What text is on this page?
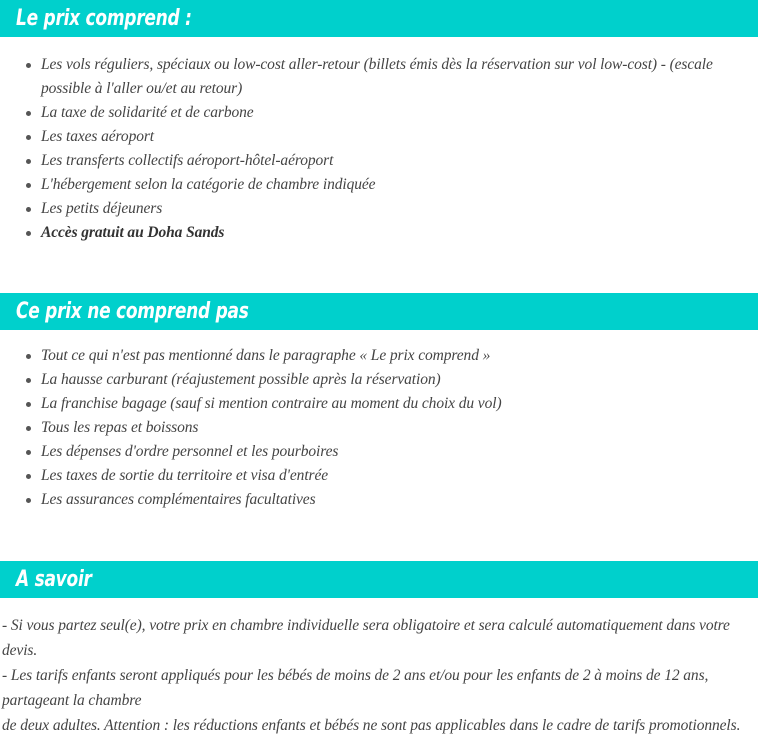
Le prix comprend :
Les vols réguliers, spéciaux ou low-cost aller-retour (billets émis dès la réservation sur vol low-cost) - (escale possible à l'aller ou/et au retour)
La taxe de solidarité et de carbone
Les taxes aéroport
Les transferts collectifs aéroport-hôtel-aéroport
L'hébergement selon la catégorie de chambre indiquée
Les petits déjeuners
Accès gratuit au Doha Sands
Ce prix ne comprend pas
Tout ce qui n'est pas mentionné dans le paragraphe « Le prix comprend »
La hausse carburant (réajustement possible après la réservation)
La franchise bagage (sauf si mention contraire au moment du choix du vol)
Tous les repas et boissons
Les dépenses d'ordre personnel et les pourboires
Les taxes de sortie du territoire et visa d'entrée
Les assurances complémentaires facultatives
A savoir

- Si vous partez seul(e), votre prix en chambre individuelle sera obligatoire et sera calculé automatiquement dans votre devis.

- Les tarifs enfants seront appliqués pour les bébés de moins de 2 ans et/ou pour les enfants de 2 à moins de 12 ans, partageant la chambre

de deux adultes. Attention : les réductions enfants et bébés ne sont pas applicables dans le cadre de tarifs promotionnels.
